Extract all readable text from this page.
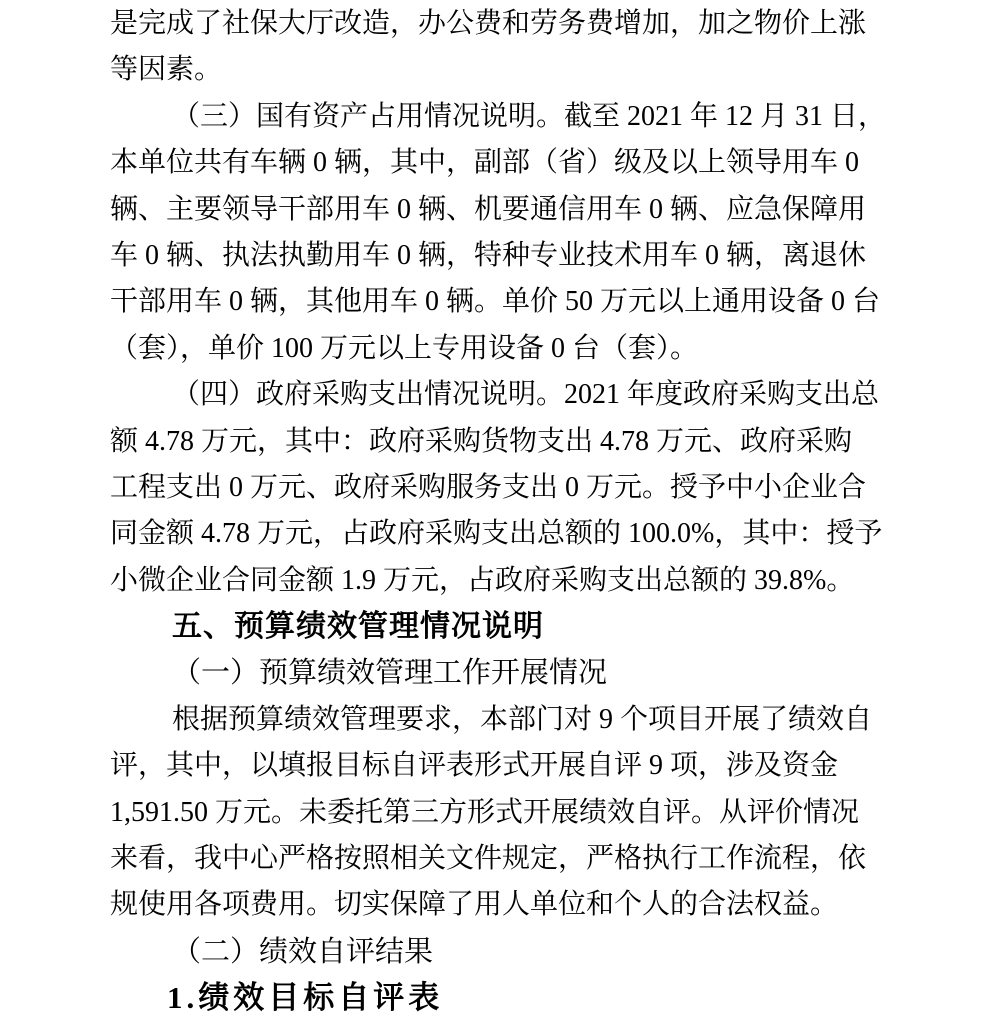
是完成了社保大厅改造，办公费和劳务费增加，加之物价上涨
等因素。
（三）国有资产占用情况说明。截至 2021 年 12 月 31 日，
本单位共有车辆 0 辆，其中，副部（省）级及以上领导用车 0
辆、主要领导干部用车 0 辆、机要通信用车 0 辆、应急保障用
车 0 辆、执法执勤用车 0 辆，特种专业技术用车 0 辆，离退休
干部用车 0 辆，其他用车 0 辆。单价 50 万元以上通用设备 0 台
（套），单价 100 万元以上专用设备 0 台（套）。
（四）政府采购支出情况说明。2021 年度政府采购支出总
额 4.78 万元，其中：政府采购货物支出 4.78 万元、政府采购
工程支出 0 万元、政府采购服务支出 0 万元。授予中小企业合
同金额 4.78 万元，占政府采购支出总额的 100.0%，其中：授予
小微企业合同金额 1.9 万元，占政府采购支出总额的 39.8%。
五、预算绩效管理情况说明
（一）预算绩效管理工作开展情况
根据预算绩效管理要求，本部门对 9 个项目开展了绩效自
评，其中，以填报目标自评表形式开展自评 9 项，涉及资金
1,591.50 万元。未委托第三方形式开展绩效自评。从评价情况
来看，我中心严格按照相关文件规定，严格执行工作流程，依
规使用各项费用。切实保障了用人单位和个人的合法权益。
（二）绩效自评结果
1.绩效目标自评表
